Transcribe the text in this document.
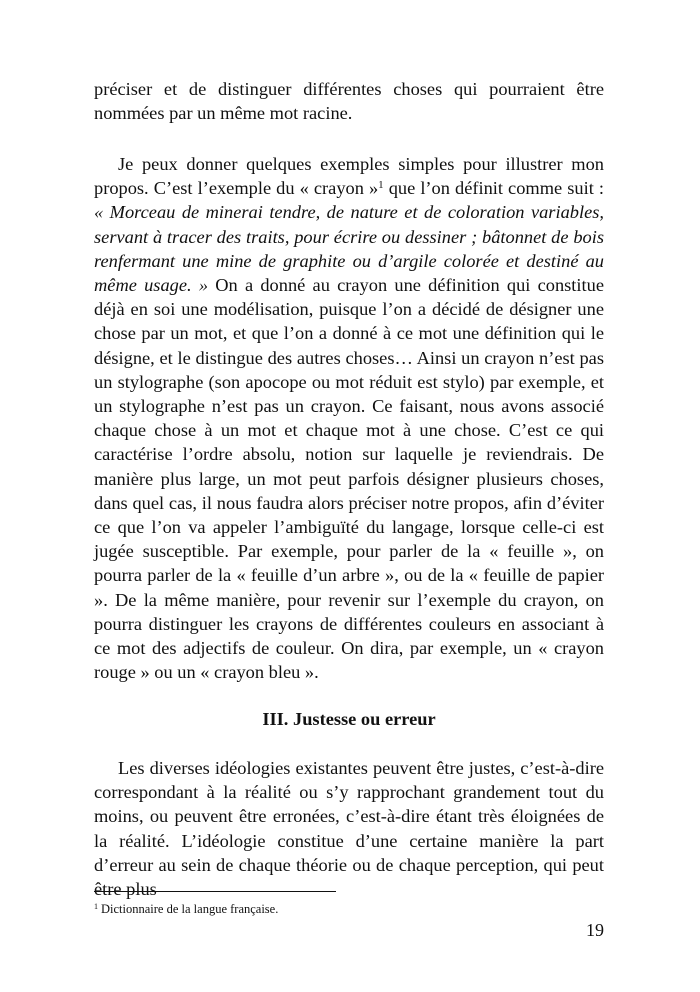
préciser et de distinguer différentes choses qui pourraient être nommées par un même mot racine.

Je peux donner quelques exemples simples pour illustrer mon propos. C’est l’exemple du « crayon »$^1$ que l’on définit comme suit : « Morceau de minerai tendre, de nature et de coloration variables, servant à tracer des traits, pour écrire ou dessiner ; bâtonnet de bois renfermant une mine de graphite ou d’argile colorée et destiné au même usage. » On a donné au crayon une définition qui constitue déjà en soi une modélisation, puisque l’on a décidé de désigner une chose par un mot, et que l’on a donné à ce mot une définition qui le désigne, et le distingue des autres choses… Ainsi un crayon n’est pas un stylographe (son apocope ou mot réduit est stylo) par exemple, et un stylographe n’est pas un crayon. Ce faisant, nous avons associé chaque chose à un mot et chaque mot à une chose. C’est ce qui caractérise l’ordre absolu, notion sur laquelle je reviendrais. De manière plus large, un mot peut parfois désigner plusieurs choses, dans quel cas, il nous faudra alors préciser notre propos, afin d’éviter ce que l’on va appeler l’ambiguïté du langage, lorsque celle-ci est jugée susceptible. Par exemple, pour parler de la « feuille », on pourra parler de la « feuille d’un arbre », ou de la « feuille de papier ». De la même manière, pour revenir sur l’exemple du crayon, on pourra distinguer les crayons de différentes couleurs en associant à ce mot des adjectifs de couleur. On dira, par exemple, un « crayon rouge » ou un « crayon bleu ».

III. Justesse ou erreur

Les diverses idéologies existantes peuvent être justes, c’est-à-dire correspondant à la réalité ou s’y rapprochant grandement tout du moins, ou peuvent être erronées, c’est-à-dire étant très éloignées de la réalité. L’idéologie constitue d’une certaine manière la part d’erreur au sein de chaque théorie ou de chaque perception, qui peut être plus

$^1$ Dictionnaire de la langue française.
19
